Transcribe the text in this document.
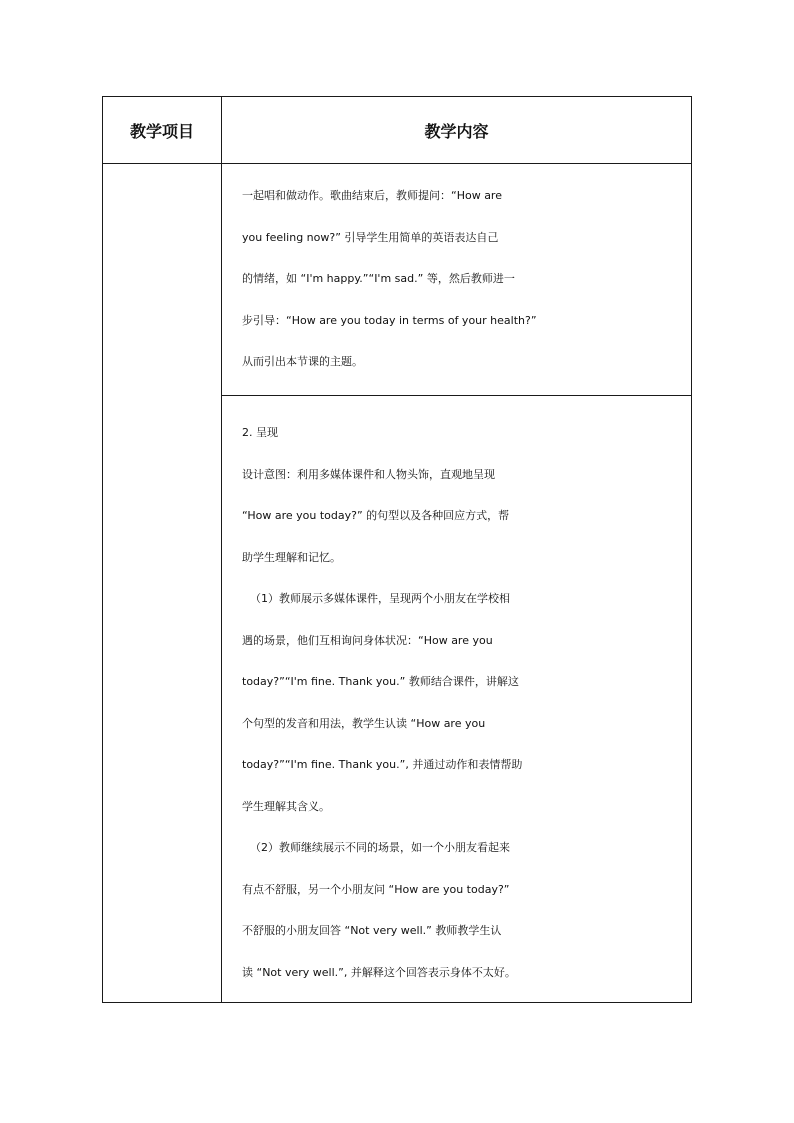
教学项目	教学内容

一起唱和做动作。歌曲结束后，教师提问：“How are

you feeling now?” 引导学生用简单的英语表达自己

的情绪，如 “I'm happy.”“I'm sad.” 等，然后教师进一

步引导：“How are you today in terms of your health?”

从而引出本节课的主题。

2. 呈现

设计意图：利用多媒体课件和人物头饰，直观地呈现

“How are you today?” 的句型以及各种回应方式，帮

助学生理解和记忆。

（1）教师展示多媒体课件，呈现两个小朋友在学校相

遇的场景，他们互相询问身体状况：“How are you

today?”“I'm fine. Thank you.” 教师结合课件，讲解这

个句型的发音和用法，教学生认读 “How are you

today?”“I'm fine. Thank you.”, 并通过动作和表情帮助

学生理解其含义。

（2）教师继续展示不同的场景，如一个小朋友看起来

有点不舒服，另一个小朋友问 “How are you today?”

不舒服的小朋友回答 “Not very well.” 教师教学生认

读 “Not very well.”, 并解释这个回答表示身体不太好。
